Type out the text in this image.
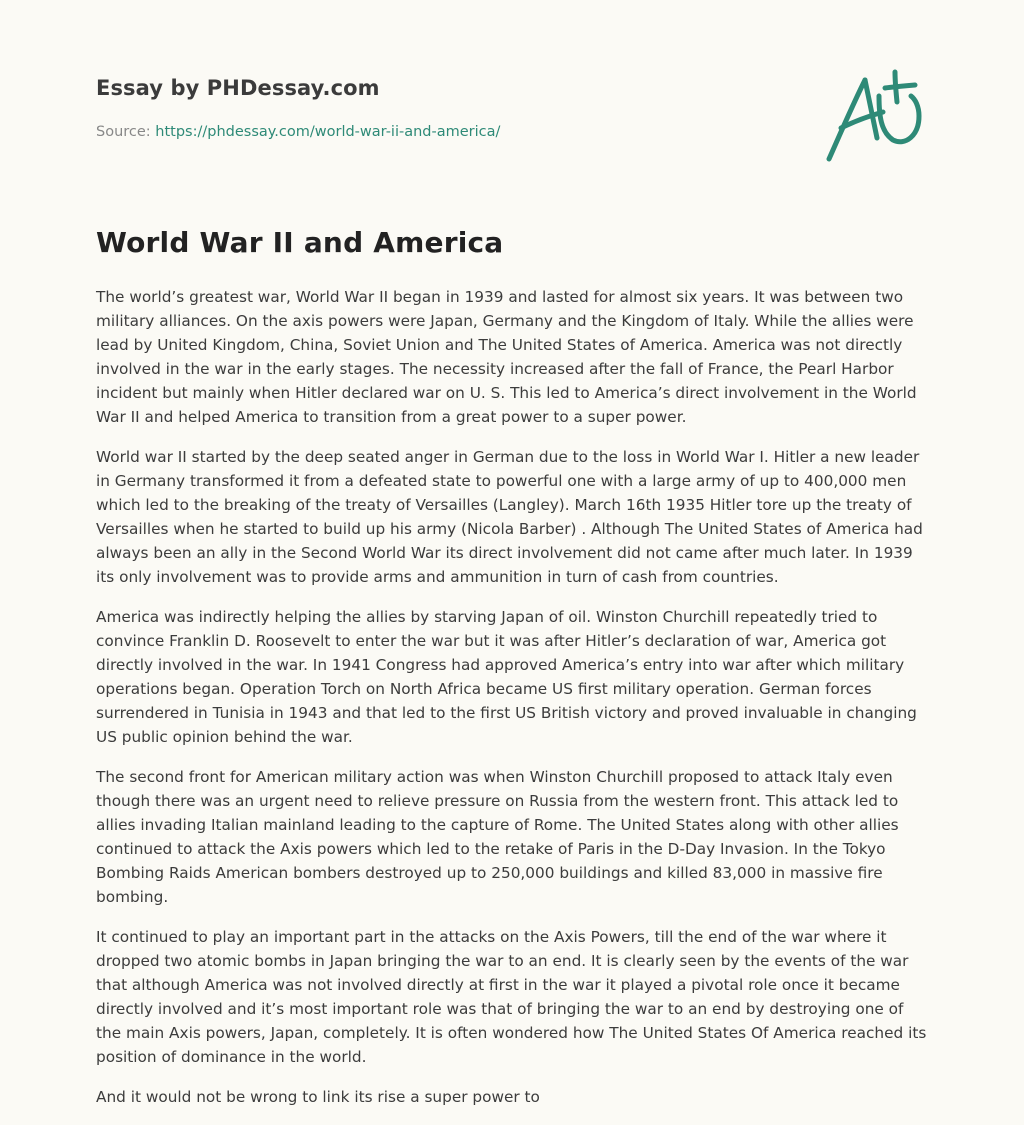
Essay by PHDessay.com
Source: https://phdessay.com/world-war-ii-and-america/
World War II and America

The world’s greatest war, World War II began in 1939 and lasted for almost six years. It was between two military alliances. On the axis powers were Japan, Germany and the Kingdom of Italy. While the allies were lead by United Kingdom, China, Soviet Union and The United States of America. America was not directly involved in the war in the early stages. The necessity increased after the fall of France, the Pearl Harbor incident but mainly when Hitler declared war on U. S. This led to America’s direct involvement in the World War II and helped America to transition from a great power to a super power.

World war II started by the deep seated anger in German due to the loss in World War I. Hitler a new leader in Germany transformed it from a defeated state to powerful one with a large army of up to 400,000 men which led to the breaking of the treaty of Versailles (Langley). March 16th 1935 Hitler tore up the treaty of Versailles when he started to build up his army (Nicola Barber) . Although The United States of America had always been an ally in the Second World War its direct involvement did not came after much later. In 1939 its only involvement was to provide arms and ammunition in turn of cash from countries.

America was indirectly helping the allies by starving Japan of oil. Winston Churchill repeatedly tried to convince Franklin D. Roosevelt to enter the war but it was after Hitler’s declaration of war, America got directly involved in the war. In 1941 Congress had approved America’s entry into war after which military operations began. Operation Torch on North Africa became US first military operation. German forces surrendered in Tunisia in 1943 and that led to the first US British victory and proved invaluable in changing US public opinion behind the war.

The second front for American military action was when Winston Churchill proposed to attack Italy even though there was an urgent need to relieve pressure on Russia from the western front. This attack led to allies invading Italian mainland leading to the capture of Rome. The United States along with other allies continued to attack the Axis powers which led to the retake of Paris in the D-Day Invasion. In the Tokyo Bombing Raids American bombers destroyed up to 250,000 buildings and killed 83,000 in massive fire bombing.

It continued to play an important part in the attacks on the Axis Powers, till the end of the war where it dropped two atomic bombs in Japan bringing the war to an end. It is clearly seen by the events of the war that although America was not involved directly at first in the war it played a pivotal role once it became directly involved and it’s most important role was that of bringing the war to an end by destroying one of the main Axis powers, Japan, completely. It is often wondered how The United States Of America reached its position of dominance in the world.

And it would not be wrong to link its rise a super power to
